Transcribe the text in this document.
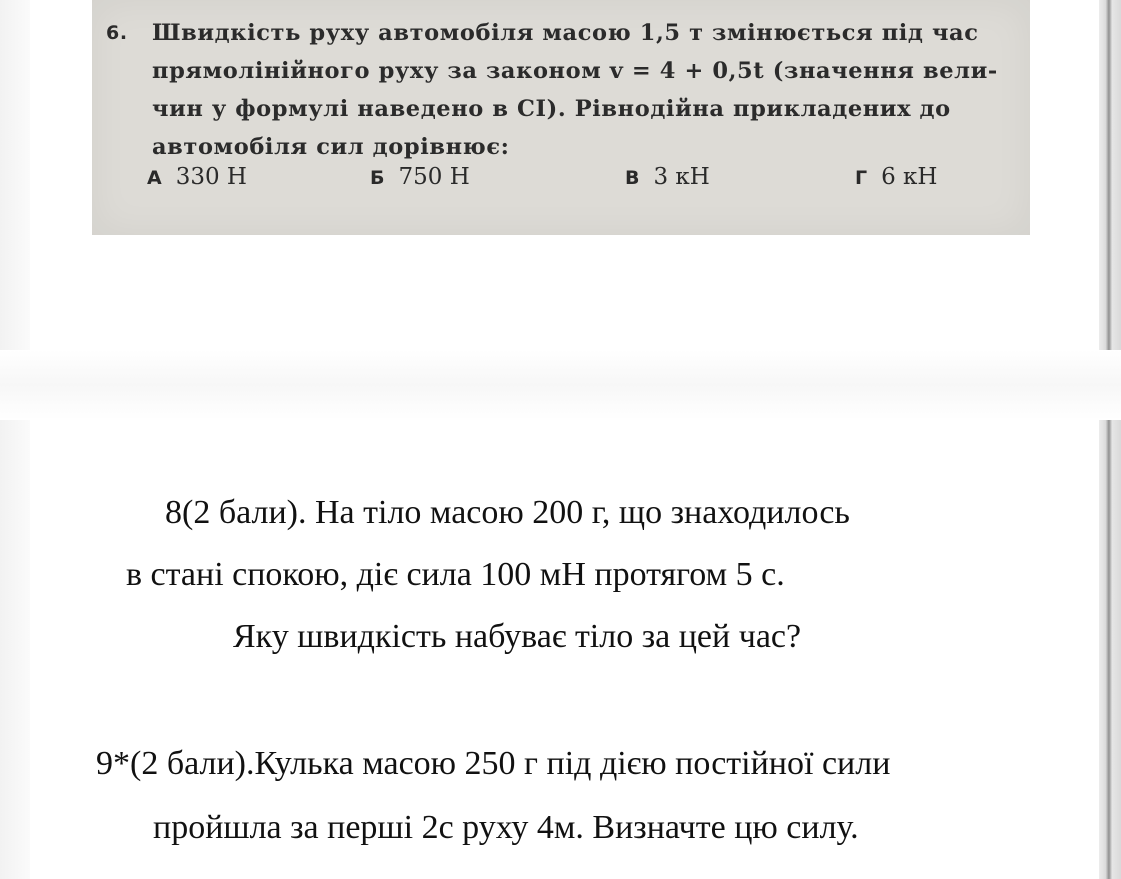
6.	Швидкість руху автомобіля масою 1,5 т змінюється під час
прямолінійного руху за законом v = 4 + 0,5t (значення вели-
чин у формулі наведено в СІ). Рівнодійна прикладених до
автомобіля сил дорівнює:
А 330 Н	Б 750 Н	В 3 кН	Г 6 кН
8(2 бали). На тіло масою 200 г, що знаходилось
в стані спокою, діє сила 100 мН протягом 5 с.
Яку швидкість набуває тіло за цей час?
9*(2 бали).Кулька масою 250 г під дією постійної сили
пройшла за перші 2с руху 4м. Визначте цю силу.
